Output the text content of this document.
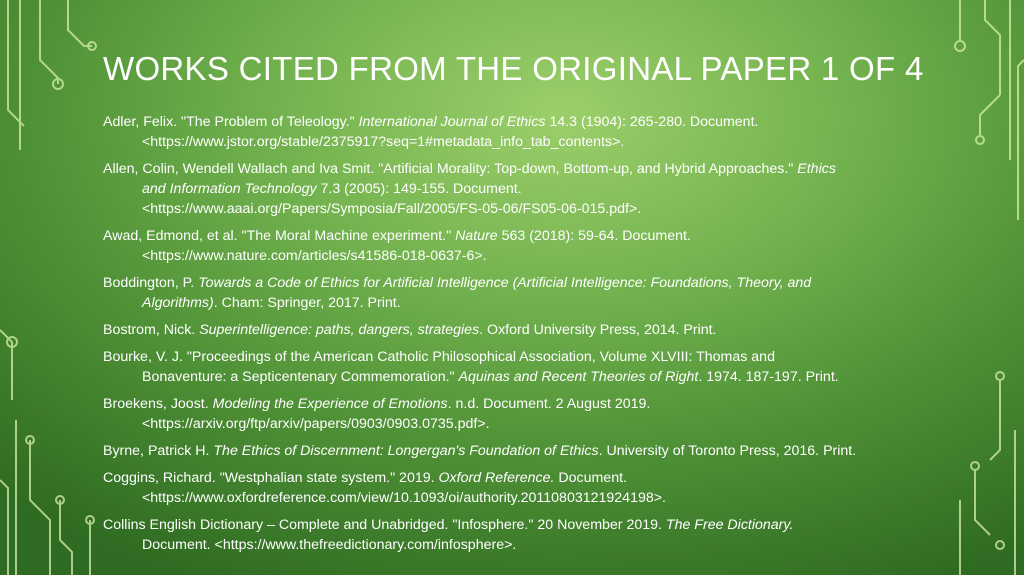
WORKS CITED FROM THE ORIGINAL PAPER 1 OF 4
Adler, Felix. "The Problem of Teleology." International Journal of Ethics 14.3 (1904): 265-280. Document.
<https://www.jstor.org/stable/2375917?seq=1#metadata_info_tab_contents>.
Allen, Colin, Wendell Wallach and Iva Smit. "Artificial Morality: Top-down, Bottom-up, and Hybrid Approaches." Ethics
and Information Technology 7.3 (2005): 149-155. Document.
<https://www.aaai.org/Papers/Symposia/Fall/2005/FS-05-06/FS05-06-015.pdf>.
Awad, Edmond, et al. "The Moral Machine experiment." Nature 563 (2018): 59-64. Document.
<https://www.nature.com/articles/s41586-018-0637-6>.
Boddington, P. Towards a Code of Ethics for Artificial Intelligence (Artificial Intelligence: Foundations, Theory, and
Algorithms). Cham: Springer, 2017. Print.
Bostrom, Nick. Superintelligence: paths, dangers, strategies. Oxford University Press, 2014. Print.
Bourke, V. J. "Proceedings of the American Catholic Philosophical Association, Volume XLVIII: Thomas and
Bonaventure: a Septicentenary Commemoration." Aquinas and Recent Theories of Right. 1974. 187-197. Print.
Broekens, Joost. Modeling the Experience of Emotions. n.d. Document. 2 August 2019.
<https://arxiv.org/ftp/arxiv/papers/0903/0903.0735.pdf>.
Byrne, Patrick H. The Ethics of Discernment: Longergan's Foundation of Ethics. University of Toronto Press, 2016. Print.
Coggins, Richard. "Westphalian state system." 2019. Oxford Reference. Document.
<https://www.oxfordreference.com/view/10.1093/oi/authority.20110803121924198>.
Collins English Dictionary – Complete and Unabridged. "Infosphere." 20 November 2019. The Free Dictionary.
Document. <https://www.thefreedictionary.com/infosphere>.
